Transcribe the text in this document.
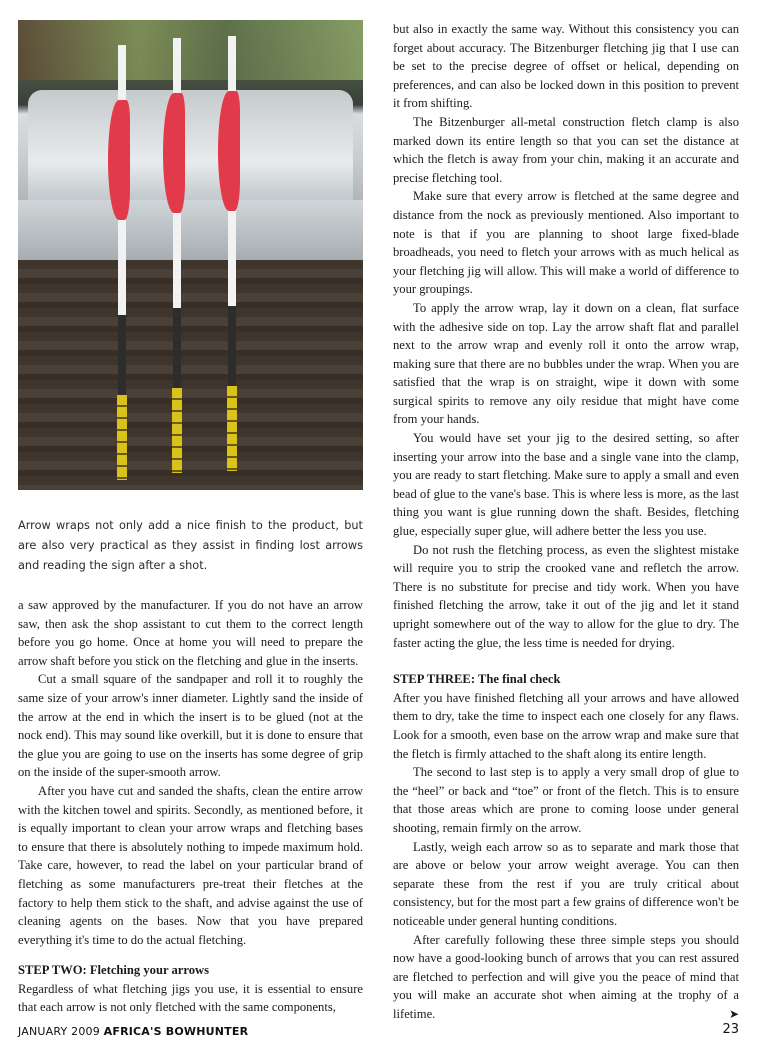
Arrow wraps not only add a nice finish to the product, but are also very practical as they assist in finding lost arrows and reading the sign after a shot.

a saw approved by the manufacturer. If you do not have an arrow saw, then ask the shop assistant to cut them to the correct length before you go home. Once at home you will need to prepare the arrow shaft before you stick on the fletching and glue in the inserts.

Cut a small square of the sandpaper and roll it to roughly the same size of your arrow's inner diameter. Lightly sand the inside of the arrow at the end in which the insert is to be glued (not at the nock end). This may sound like overkill, but it is done to ensure that the glue you are going to use on the inserts has some degree of grip on the inside of the super-smooth arrow.

After you have cut and sanded the shafts, clean the entire arrow with the kitchen towel and spirits. Secondly, as mentioned before, it is equally important to clean your arrow wraps and fletching bases to ensure that there is absolutely nothing to impede maximum hold. Take care, however, to read the label on your particular brand of fletching as some manufacturers pre-treat their fletches at the factory to help them stick to the shaft, and advise against the use of cleaning agents on the bases. Now that you have prepared everything it's time to do the actual fletching.

STEP TWO: Fletching your arrows

Regardless of what fletching jigs you use, it is essential to ensure that each arrow is not only fletched with the same components,

but also in exactly the same way. Without this consistency you can forget about accuracy. The Bitzenburger fletching jig that I use can be set to the precise degree of offset or helical, depending on preferences, and can also be locked down in this position to prevent it from shifting.

The Bitzenburger all-metal construction fletch clamp is also marked down its entire length so that you can set the distance at which the fletch is away from your chin, making it an accurate and precise fletching tool.

Make sure that every arrow is fletched at the same degree and distance from the nock as previously mentioned. Also important to note is that if you are planning to shoot large fixed-blade broadheads, you need to fletch your arrows with as much helical as your fletching jig will allow. This will make a world of difference to your groupings.

To apply the arrow wrap, lay it down on a clean, flat surface with the adhesive side on top. Lay the arrow shaft flat and parallel next to the arrow wrap and evenly roll it onto the arrow wrap, making sure that there are no bubbles under the wrap. When you are satisfied that the wrap is on straight, wipe it down with some surgical spirits to remove any oily residue that might have come from your hands.

You would have set your jig to the desired setting, so after inserting your arrow into the base and a single vane into the clamp, you are ready to start fletching. Make sure to apply a small and even bead of glue to the vane's base. This is where less is more, as the last thing you want is glue running down the shaft. Besides, fletching glue, especially super glue, will adhere better the less you use.

Do not rush the fletching process, as even the slightest mistake will require you to strip the crooked vane and refletch the arrow. There is no substitute for precise and tidy work. When you have finished fletching the arrow, take it out of the jig and let it stand upright somewhere out of the way to allow for the glue to dry. The faster acting the glue, the less time is needed for drying.

STEP THREE: The final check

After you have finished fletching all your arrows and have allowed them to dry, take the time to inspect each one closely for any flaws. Look for a smooth, even base on the arrow wrap and make sure that the fletch is firmly attached to the shaft along its entire length.

The second to last step is to apply a very small drop of glue to the “heel” or back and “toe” or front of the fletch. This is to ensure that those areas which are prone to coming loose under general shooting, remain firmly on the arrow.

Lastly, weigh each arrow so as to separate and mark those that are above or below your arrow weight average. You can then separate these from the rest if you are truly critical about consistency, but for the most part a few grains of difference won't be noticeable under general hunting conditions.

After carefully following these three simple steps you should now have a good-looking bunch of arrows that you can rest assured are fletched to perfection and will give you the peace of mind that you will make an accurate shot when aiming at the trophy of a lifetime.	➤

JANUARY 2009 AFRICA'S BOWHUNTER	23
